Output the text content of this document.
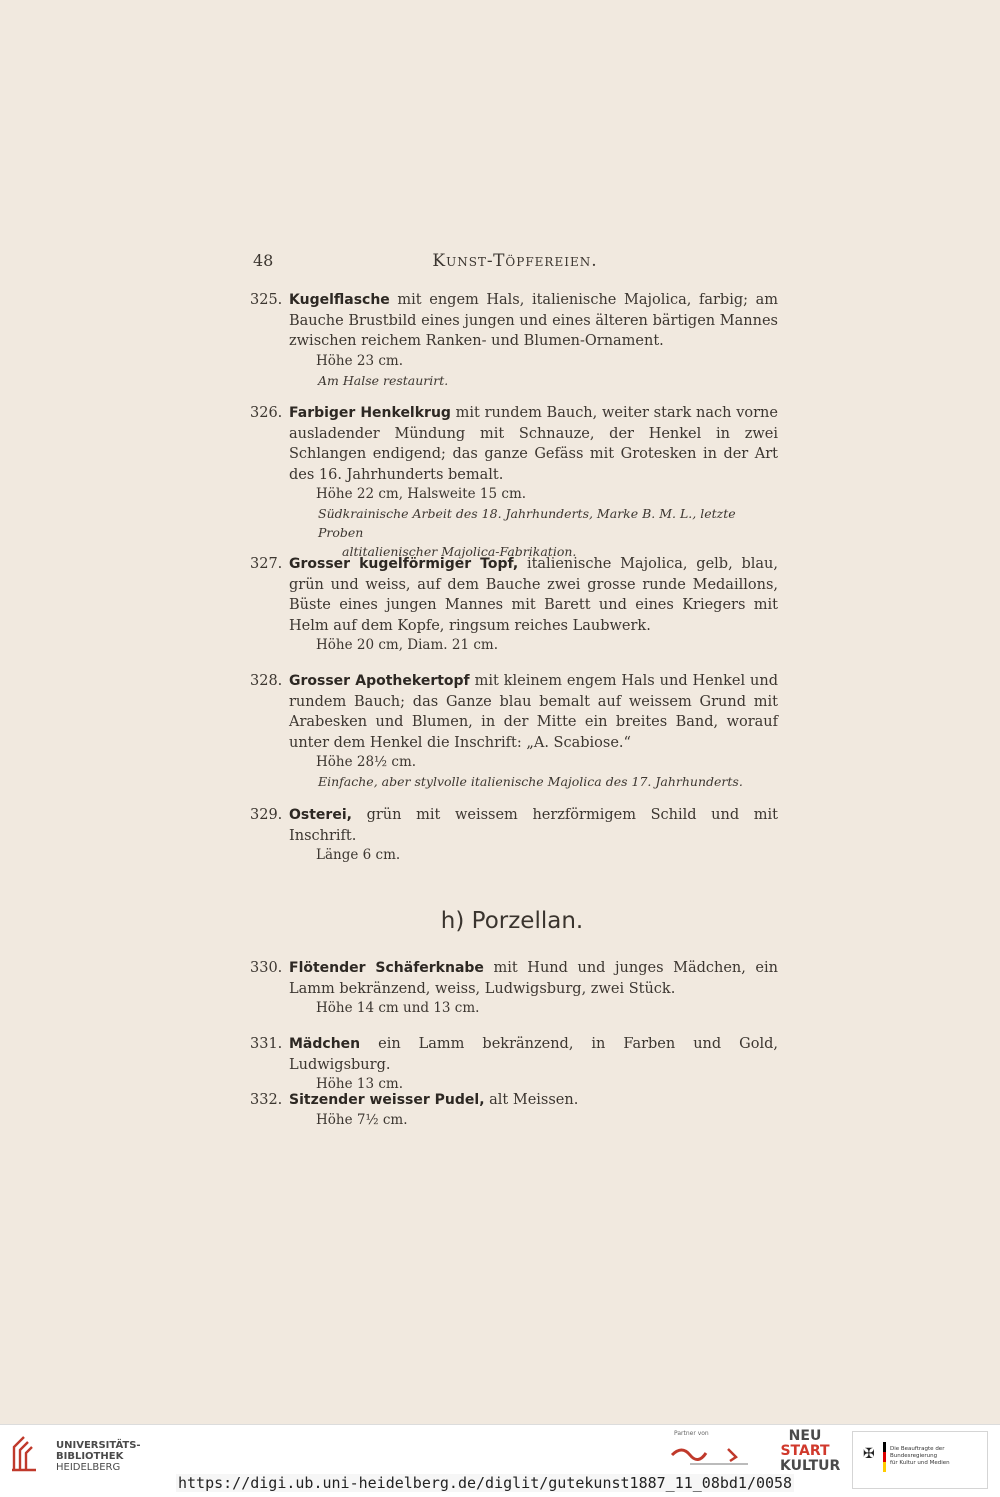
48	Kunst-Töpfereien.
325. Kugelflasche mit engem Hals, italienische Majolica, farbig; am Bauche Brustbild eines jungen und eines älteren bärtigen Mannes zwischen reichem Ranken- und Blumen-Ornament.
Höhe 23 cm.
Am Halse restaurirt.
326. Farbiger Henkelkrug mit rundem Bauch, weiter stark nach vorne ausladender Mündung mit Schnauze, der Henkel in zwei Schlangen endigend; das ganze Gefäss mit Grotesken in der Art des 16. Jahrhunderts bemalt.
Höhe 22 cm, Halsweite 15 cm.
Südkrainische Arbeit des 18. Jahrhunderts, Marke B. M. L., letzte Proben
altitalienischer Majolica-Fabrikation.
327. Grosser kugelförmiger Topf, italienische Majolica, gelb, blau, grün und weiss, auf dem Bauche zwei grosse runde Medaillons, Büste eines jungen Mannes mit Barett und eines Kriegers mit Helm auf dem Kopfe, ringsum reiches Laubwerk.
Höhe 20 cm, Diam. 21 cm.
328. Grosser Apothekertopf mit kleinem engem Hals und Henkel und rundem Bauch; das Ganze blau bemalt auf weissem Grund mit Arabesken und Blumen, in der Mitte ein breites Band, worauf unter dem Henkel die Inschrift: „A. Scabiose.“
Höhe 28½ cm.
Einfache, aber stylvolle italienische Majolica des 17. Jahrhunderts.
329. Osterei, grün mit weissem herzförmigem Schild und mit Inschrift.
Länge 6 cm.
h) Porzellan.
330. Flötender Schäferknabe mit Hund und junges Mädchen, ein Lamm bekränzend, weiss, Ludwigsburg, zwei Stück.
Höhe 14 cm und 13 cm.
331. Mädchen ein Lamm bekränzend, in Farben und Gold, Ludwigsburg.
Höhe 13 cm.
332. Sitzender weisser Pudel, alt Meissen.
Höhe 7½ cm.
UNIVERSITÄTS-
BIBLIOTHEK
HEIDELBERG
Partner von	NEU
START
KULTUR
✠	Die Beauftragte der Bundesregierung
für Kultur und Medien
https://digi.ub.uni-heidelberg.de/diglit/gutekunst1887_11_08bd1/0058
